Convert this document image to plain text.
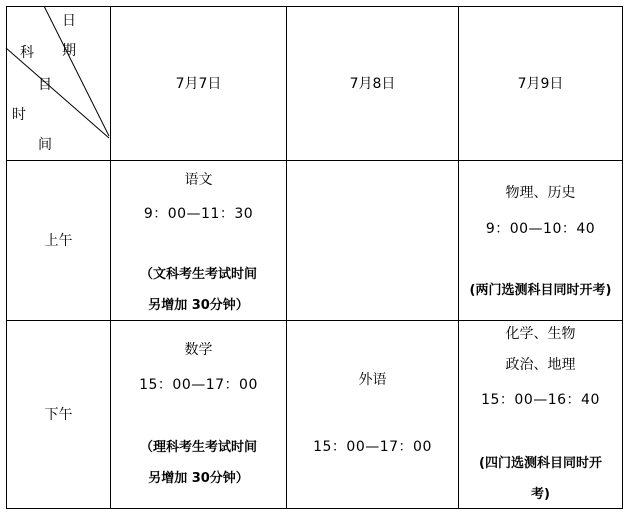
日
期
科
目
时
间
7月7日	7月8日	7月9日
上午
语文
9：00—11：30
（文科考生考试时间
另增加 30分钟）
物理、历史
9：00—10：40
(两门选测科目同时开考)
下午
数学
15：00—17：00
（理科考生考试时间
另增加 30分钟）
外语
15：00—17：00
化学、生物
政治、地理
15：00—16：40
(四门选测科目同时开
考)
